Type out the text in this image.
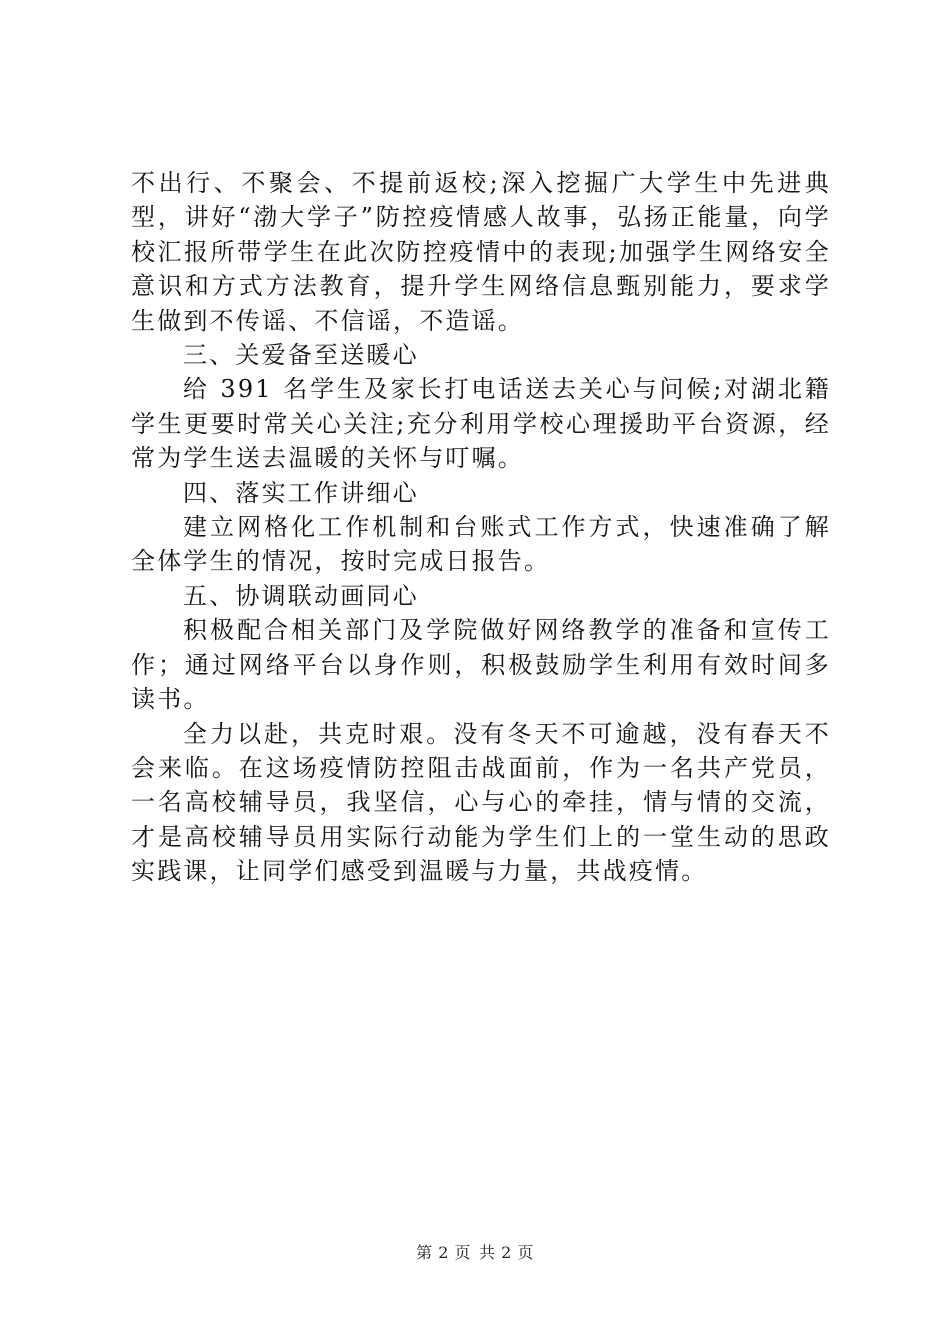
不出行、不聚会、不提前返校;深入挖掘广大学生中先进典型，讲好“渤大学子”防控疫情感人故事，弘扬正能量，向学校汇报所带学生在此次防控疫情中的表现;加强学生网络安全意识和方式方法教育，提升学生网络信息甄别能力，要求学生做到不传谣、不信谣，不造谣。

三、关爱备至送暖心

给 391 名学生及家长打电话送去关心与问候;对湖北籍学生更要时常关心关注;充分利用学校心理援助平台资源，经常为学生送去温暖的关怀与叮嘱。

四、落实工作讲细心

建立网格化工作机制和台账式工作方式，快速准确了解全体学生的情况，按时完成日报告。

五、协调联动画同心

积极配合相关部门及学院做好网络教学的准备和宣传工作；通过网络平台以身作则，积极鼓励学生利用有效时间多读书。

全力以赴，共克时艰。没有冬天不可逾越，没有春天不会来临。在这场疫情防控阻击战面前，作为一名共产党员，一名高校辅导员，我坚信，心与心的牵挂，情与情的交流，才是高校辅导员用实际行动能为学生们上的一堂生动的思政实践课，让同学们感受到温暖与力量，共战疫情。

第 2 页 共 2 页
